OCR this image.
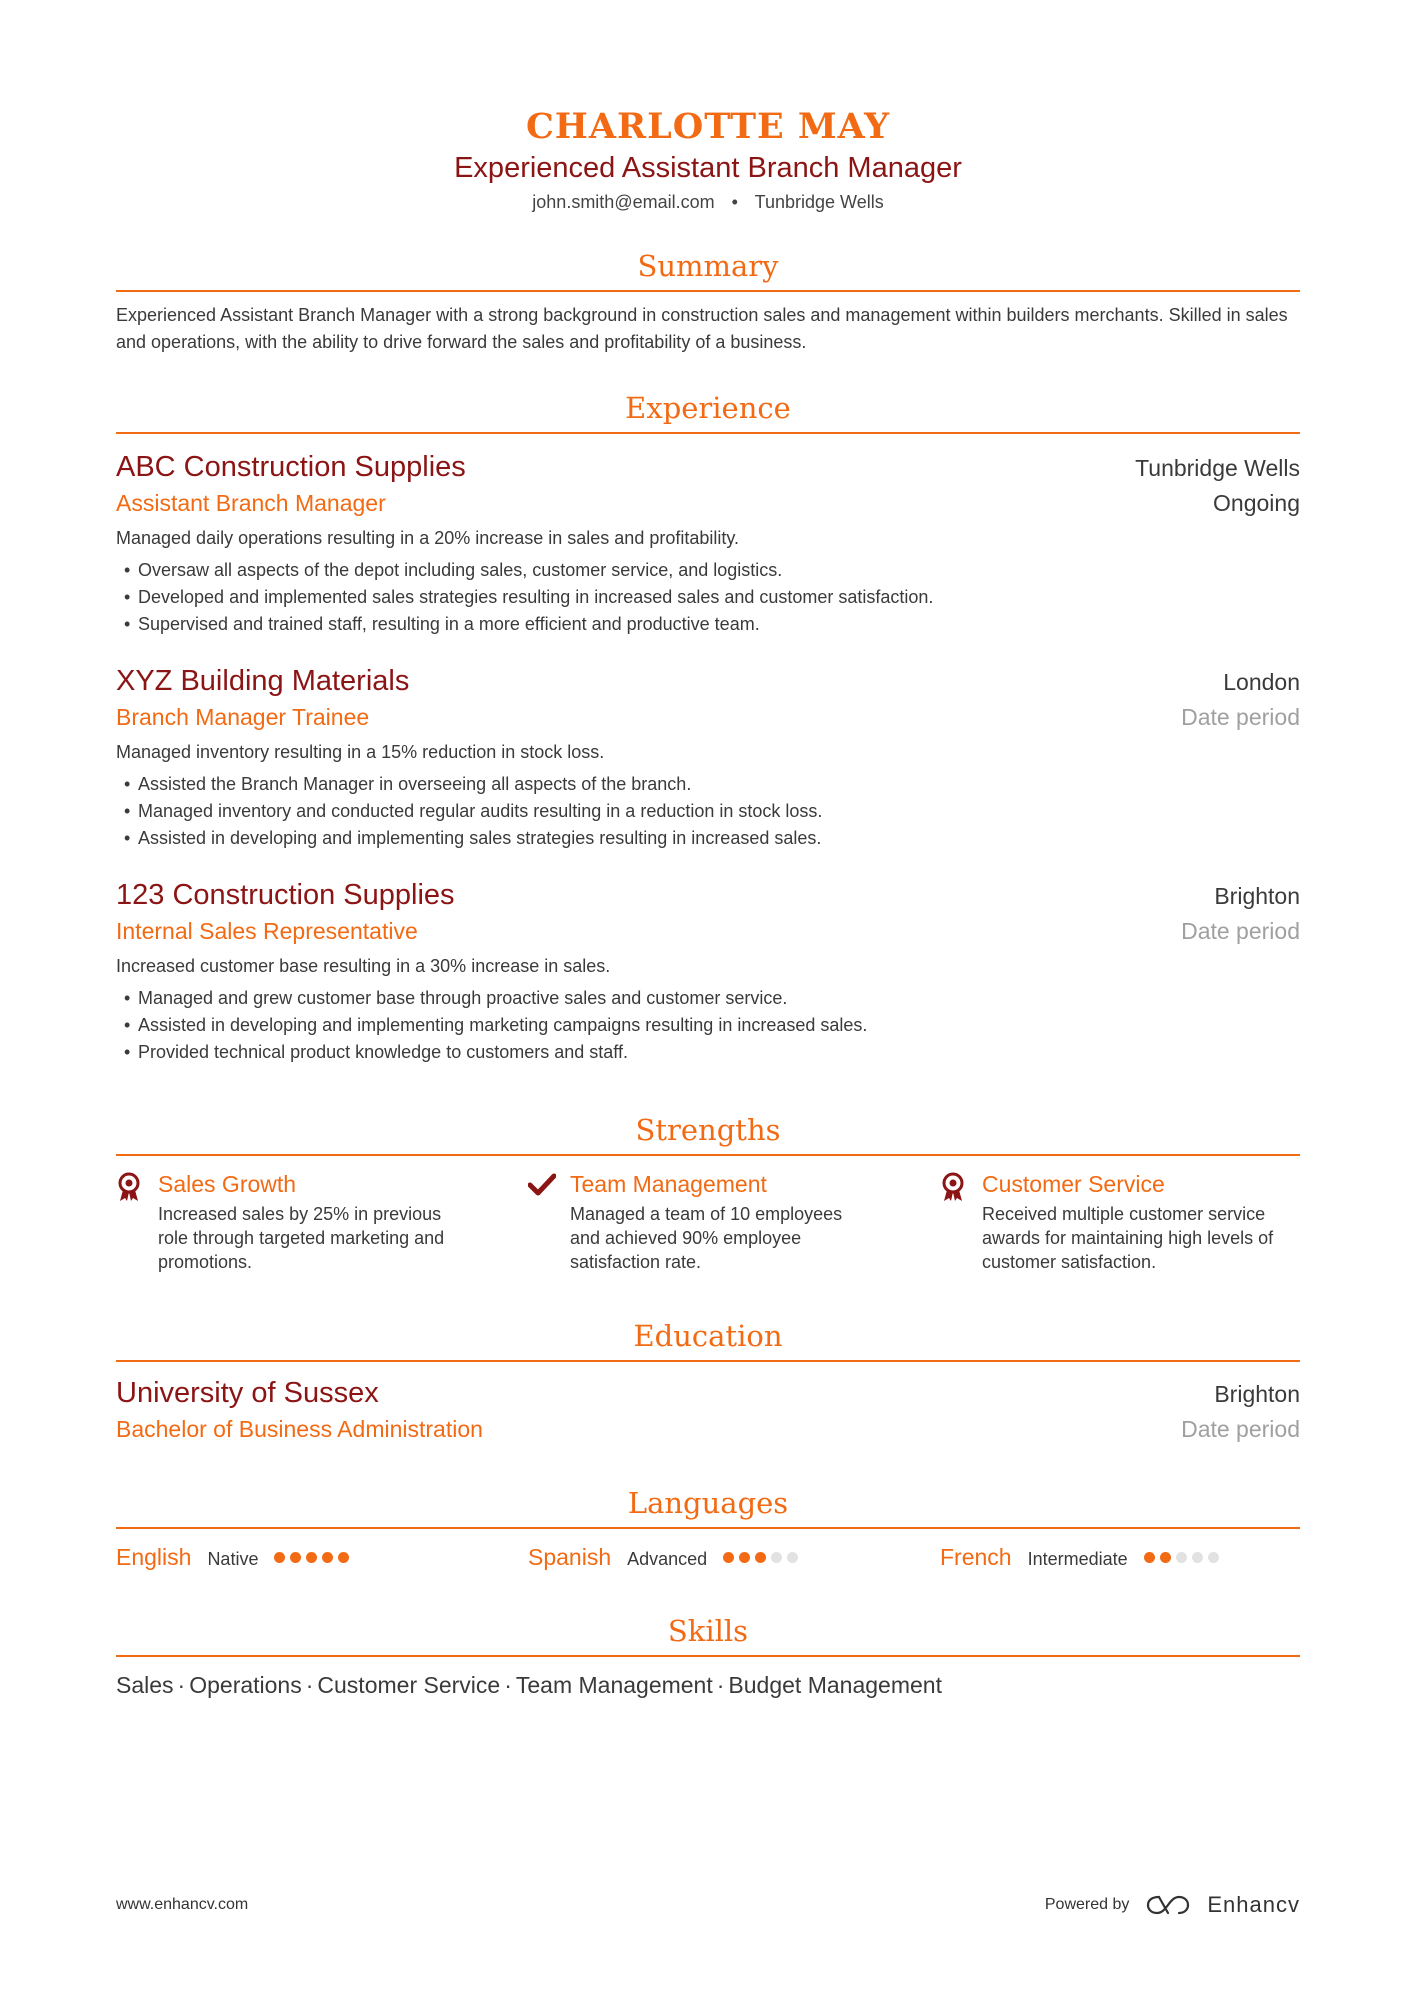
CHARLOTTE MAY
Experienced Assistant Branch Manager
john.smith@email.com • Tunbridge Wells
Summary

Experienced Assistant Branch Manager with a strong background in construction sales and management within builders merchants. Skilled in sales and operations, with the ability to drive forward the sales and profitability of a business.

Experience
ABC Construction Supplies	Tunbridge Wells
Assistant Branch Manager	Ongoing
Managed daily operations resulting in a 20% increase in sales and profitability.
• Oversaw all aspects of the depot including sales, customer service, and logistics.
• Developed and implemented sales strategies resulting in increased sales and customer satisfaction.
• Supervised and trained staff, resulting in a more efficient and productive team.
XYZ Building Materials	London
Branch Manager Trainee	Date period
Managed inventory resulting in a 15% reduction in stock loss.
• Assisted the Branch Manager in overseeing all aspects of the branch.
• Managed inventory and conducted regular audits resulting in a reduction in stock loss.
• Assisted in developing and implementing sales strategies resulting in increased sales.
123 Construction Supplies	Brighton
Internal Sales Representative	Date period
Increased customer base resulting in a 30% increase in sales.
• Managed and grew customer base through proactive sales and customer service.
• Assisted in developing and implementing marketing campaigns resulting in increased sales.
• Provided technical product knowledge to customers and staff.
Strengths
Sales Growth
Increased sales by 25% in previous role through targeted marketing and promotions.
Team Management
Managed a team of 10 employees and achieved 90% employee satisfaction rate.
Customer Service
Received multiple customer service awards for maintaining high levels of customer satisfaction.
Education
University of Sussex	Brighton
Bachelor of Business Administration	Date period
Languages
English Native	Spanish Advanced	French Intermediate
Skills
Sales · Operations · Customer Service · Team Management · Budget Management
www.enhancv.com	Powered by	Enhancv
